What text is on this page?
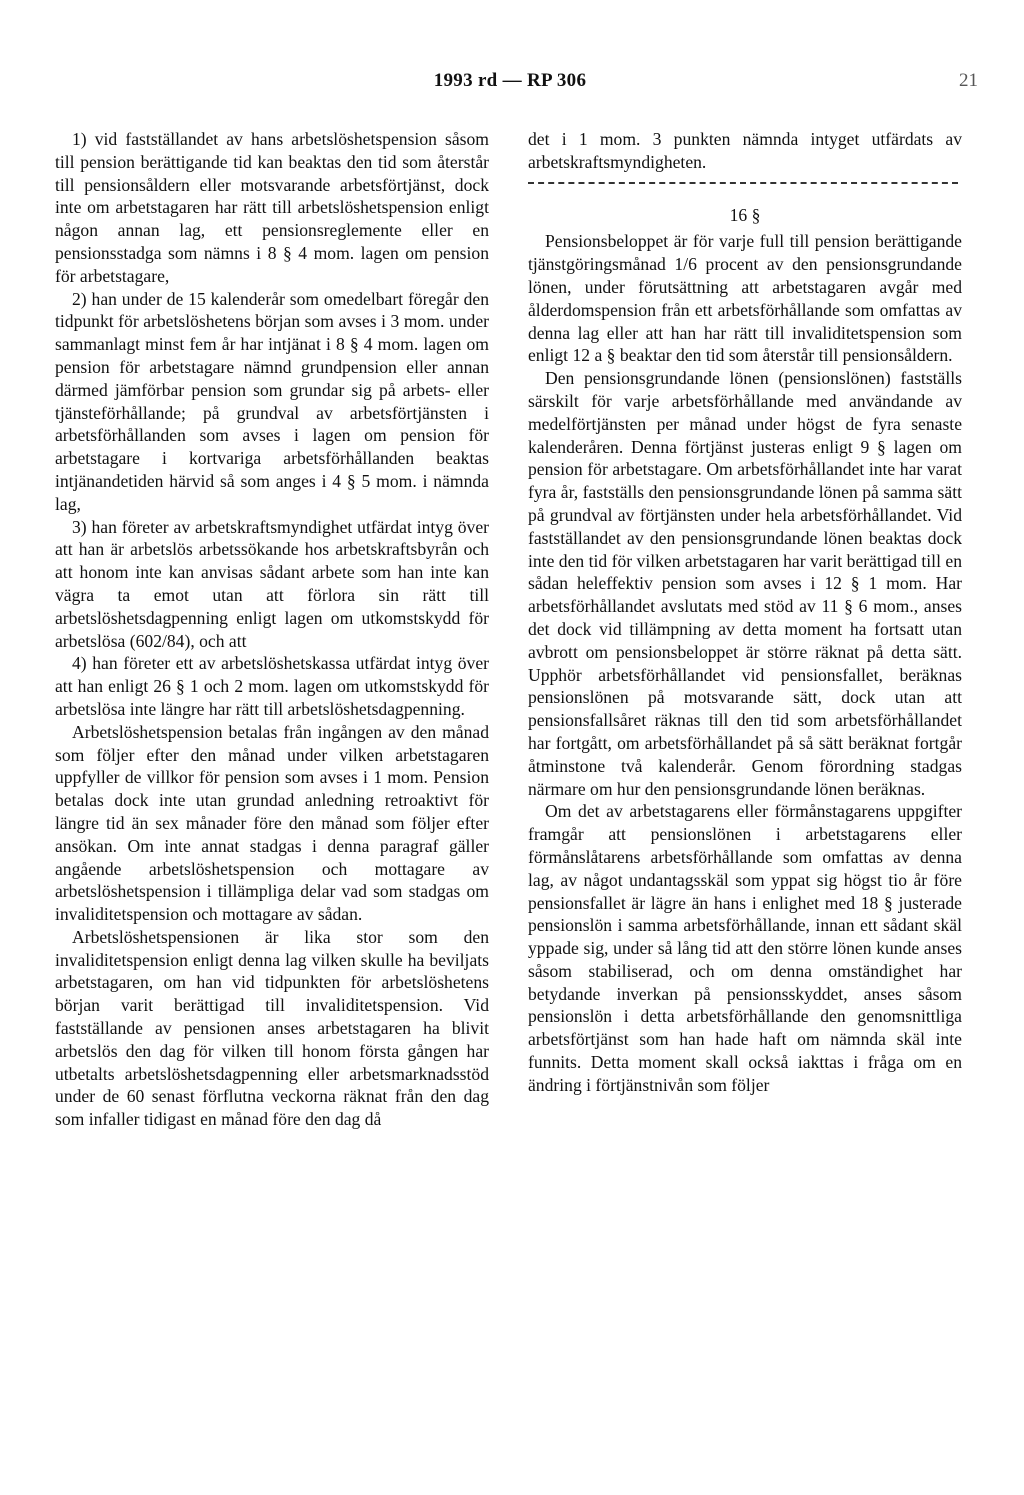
1993 rd — RP 306	21

1) vid fastställandet av hans arbetslöshetspension såsom till pension berättigande tid kan beaktas den tid som återstår till pensionsåldern eller motsvarande arbetsförtjänst, dock inte om arbetstagaren har rätt till arbetslöshetspension enligt någon annan lag, ett pensionsreglemente eller en pensionsstadga som nämns i 8 § 4 mom. lagen om pension för arbetstagare,

2) han under de 15 kalenderår som omedelbart föregår den tidpunkt för arbetslöshetens början som avses i 3 mom. under sammanlagt minst fem år har intjänat i 8 § 4 mom. lagen om pension för arbetstagare nämnd grundpension eller annan därmed jämförbar pension som grundar sig på arbets- eller tjänsteförhållande; på grundval av arbetsförtjänsten i arbetsförhållanden som avses i lagen om pension för arbetstagare i kortvariga arbetsförhållanden beaktas intjänandetiden härvid så som anges i 4 § 5 mom. i nämnda lag,

3) han företer av arbetskraftsmyndighet utfärdat intyg över att han är arbetslös arbetssökande hos arbetskraftsbyrån och att honom inte kan anvisas sådant arbete som han inte kan vägra ta emot utan att förlora sin rätt till arbetslöshetsdagpenning enligt lagen om utkomstskydd för arbetslösa (602/84), och att

4) han företer ett av arbetslöshetskassa utfärdat intyg över att han enligt 26 § 1 och 2 mom. lagen om utkomstskydd för arbetslösa inte längre har rätt till arbetslöshetsdagpenning.

Arbetslöshetspension betalas från ingången av den månad som följer efter den månad under vilken arbetstagaren uppfyller de villkor för pension som avses i 1 mom. Pension betalas dock inte utan grundad anledning retroaktivt för längre tid än sex månader före den månad som följer efter ansökan. Om inte annat stadgas i denna paragraf gäller angående arbetslöshetspension och mottagare av arbetslöshetspension i tillämpliga delar vad som stadgas om invaliditetspension och mottagare av sådan.

Arbetslöshetspensionen är lika stor som den invaliditetspension enligt denna lag vilken skulle ha beviljats arbetstagaren, om han vid tidpunkten för arbetslöshetens början varit berättigad till invaliditetspension. Vid fastställande av pensionen anses arbetstagaren ha blivit arbetslös den dag för vilken till honom första gången har utbetalts arbetslöshetsdagpenning eller arbetsmarknadsstöd under de 60 senast förflutna veckorna räknat från den dag som infaller tidigast en månad före den dag då

det i 1 mom. 3 punkten nämnda intyget utfärdats av arbetskraftsmyndigheten.

16 §

Pensionsbeloppet är för varje full till pension berättigande tjänstgöringsmånad 1/6 procent av den pensionsgrundande lönen, under förutsättning att arbetstagaren avgår med ålderdomspension från ett arbetsförhållande som omfattas av denna lag eller att han har rätt till invaliditetspension som enligt 12 a § beaktar den tid som återstår till pensionsåldern.

Den pensionsgrundande lönen (pensionslönen) fastställs särskilt för varje arbetsförhållande med användande av medelförtjänsten per månad under högst de fyra senaste kalenderåren. Denna förtjänst justeras enligt 9 § lagen om pension för arbetstagare. Om arbetsförhållandet inte har varat fyra år, fastställs den pensionsgrundande lönen på samma sätt på grundval av förtjänsten under hela arbetsförhållandet. Vid fastställandet av den pensionsgrundande lönen beaktas dock inte den tid för vilken arbetstagaren har varit berättigad till en sådan heleffektiv pension som avses i 12 § 1 mom. Har arbetsförhållandet avslutats med stöd av 11 § 6 mom., anses det dock vid tillämpning av detta moment ha fortsatt utan avbrott om pensionsbeloppet är större räknat på detta sätt. Upphör arbetsförhållandet vid pensionsfallet, beräknas pensionslönen på motsvarande sätt, dock utan att pensionsfallsåret räknas till den tid som arbetsförhållandet har fortgått, om arbetsförhållandet på så sätt beräknat fortgår åtminstone två kalenderår. Genom förordning stadgas närmare om hur den pensionsgrundande lönen beräknas.

Om det av arbetstagarens eller förmånstagarens uppgifter framgår att pensionslönen i arbetstagarens eller förmånslåtarens arbetsförhållande som omfattas av denna lag, av något undantagsskäl som yppat sig högst tio år före pensionsfallet är lägre än hans i enlighet med 18 § justerade pensionslön i samma arbetsförhållande, innan ett sådant skäl yppade sig, under så lång tid att den större lönen kunde anses såsom stabiliserad, och om denna omständighet har betydande inverkan på pensionsskyddet, anses såsom pensionslön i detta arbetsförhållande den genomsnittliga arbetsförtjänst som han hade haft om nämnda skäl inte funnits. Detta moment skall också iakttas i fråga om en ändring i förtjänstnivån som följer
